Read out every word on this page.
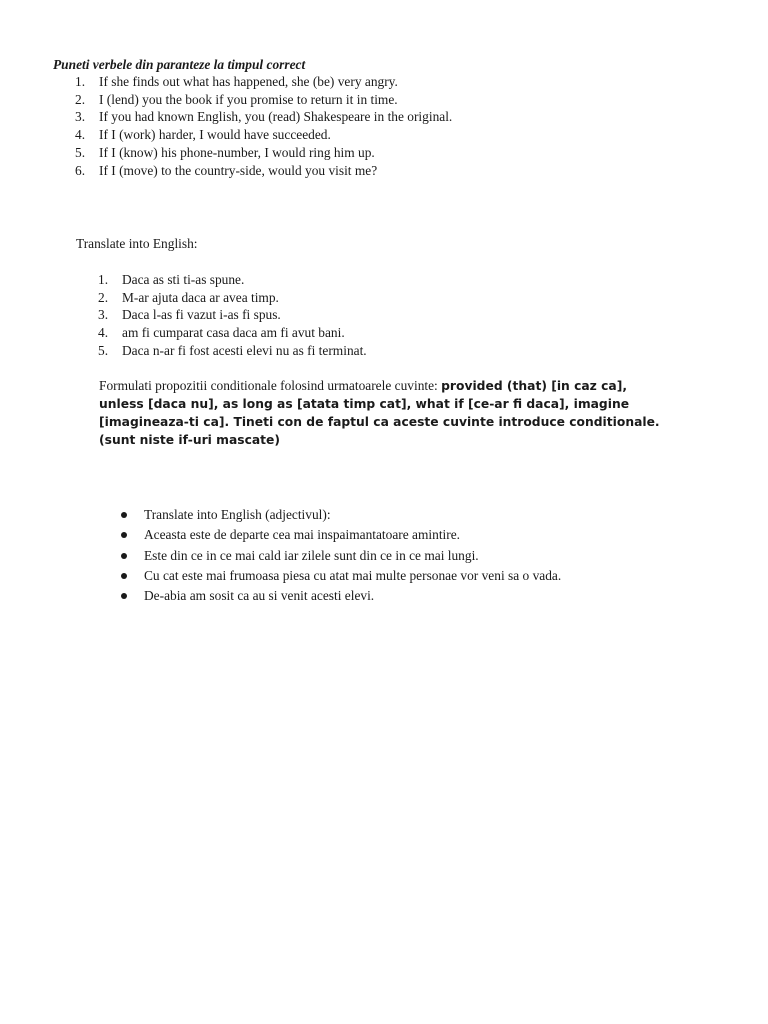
Puneti verbele din paranteze la timpul correct

1. If she finds out what has happened, she (be) very angry.
2. I (lend) you the book if you promise to return it in time.
3. If you had known English, you (read) Shakespeare in the original.
4. If I (work) harder, I would have succeeded.
5. If I (know) his phone-number, I would ring him up.
6. If I (move) to the country-side, would you visit me?

Translate into English:

1. Daca as sti ti-as spune.
2. M-ar ajuta daca ar avea timp.
3. Daca l-as fi vazut i-as fi spus.
4. am fi cumparat casa daca am fi avut bani.
5. Daca n-ar fi fost acesti elevi nu as fi terminat.

Formulati propozitii conditionale folosind urmatoarele cuvinte: provided (that) [in caz ca], unless [daca nu], as long as [atata timp cat], what if [ce-ar fi daca], imagine [imagineaza-ti ca]. Tineti con de faptul ca aceste cuvinte introduce conditionale. (sunt niste if-uri mascate)

Translate into English (adjectivul):
Aceasta este de departe cea mai inspaimantatoare amintire.
Este din ce in ce mai cald iar zilele sunt din ce in ce mai lungi.
Cu cat este mai frumoasa piesa cu atat mai multe personae vor veni sa o vada.
De-abia am sosit ca au si venit acesti elevi.
